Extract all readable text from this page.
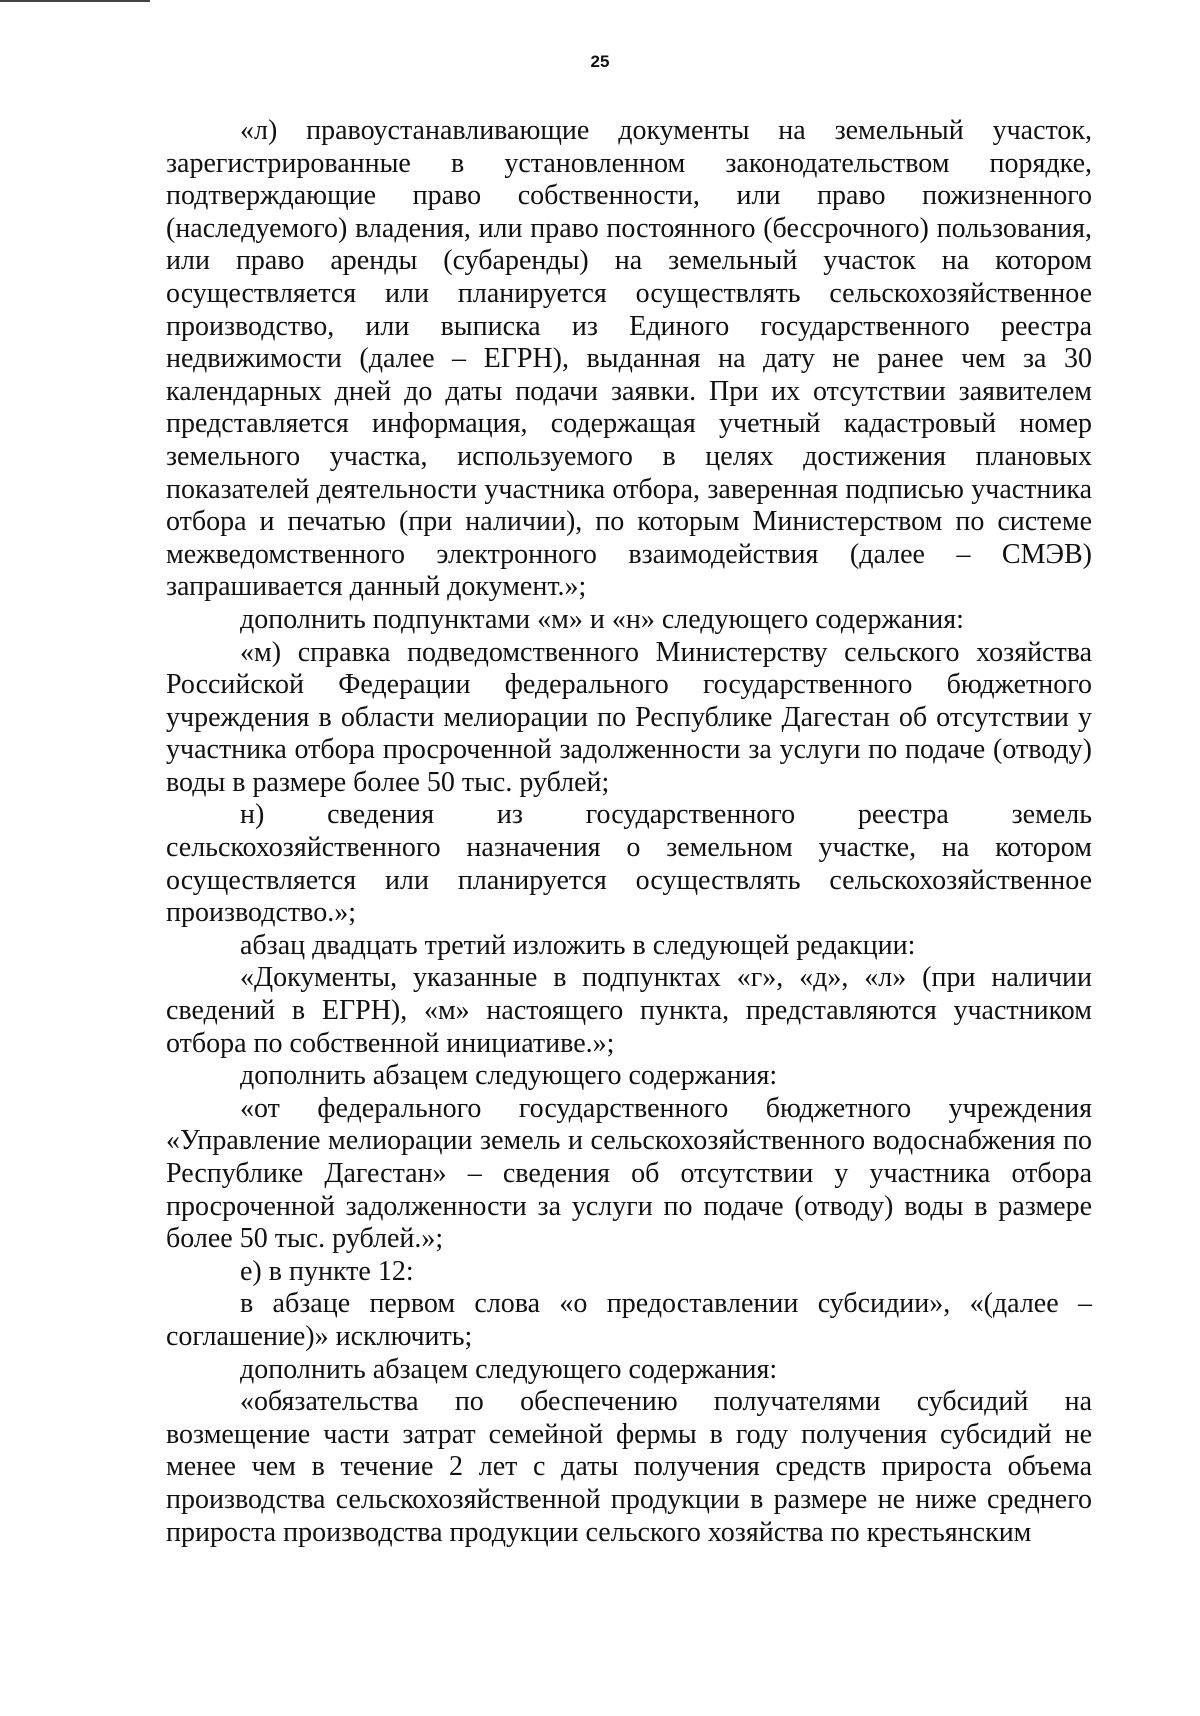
25

«л) правоустанавливающие документы на земельный участок, зарегистрированные в установленном законодательством порядке, подтверждающие право собственности, или право пожизненного (наследуемого) владения, или право постоянного (бессрочного) пользования, или право аренды (субаренды) на земельный участок на котором осуществляется или планируется осуществлять сельскохозяйственное производство, или выписка из Единого государственного реестра недвижимости (далее – ЕГРН), выданная на дату не ранее чем за 30 календарных дней до даты подачи заявки. При их отсутствии заявителем представляется информация, содержащая учетный кадастровый номер земельного участка, используемого в целях достижения плановых показателей деятельности участника отбора, заверенная подписью участника отбора и печатью (при наличии), по которым Министерством по системе межведомственного электронного взаимодействия (далее – СМЭВ) запрашивается данный документ.»;

дополнить подпунктами «м» и «н» следующего содержания:

«м) справка подведомственного Министерству сельского хозяйства Российской Федерации федерального государственного бюджетного учреждения в области мелиорации по Республике Дагестан об отсутствии у участника отбора просроченной задолженности за услуги по подаче (отводу) воды в размере более 50 тыс. рублей;

н) сведения из государственного реестра земель сельскохозяйственного назначения о земельном участке, на котором осуществляется или планируется осуществлять сельскохозяйственное производство.»;

абзац двадцать третий изложить в следующей редакции:

«Документы, указанные в подпунктах «г», «д», «л» (при наличии сведений в ЕГРН), «м» настоящего пункта, представляются участником отбора по собственной инициативе.»;

дополнить абзацем следующего содержания:

«от федерального государственного бюджетного учреждения «Управление мелиорации земель и сельскохозяйственного водоснабжения по Республике Дагестан» – сведения об отсутствии у участника отбора просроченной задолженности за услуги по подаче (отводу) воды в размере более 50 тыс. рублей.»;

е) в пункте 12:

в абзаце первом слова «о предоставлении субсидии», «(далее – соглашение)» исключить;

дополнить абзацем следующего содержания:

«обязательства по обеспечению получателями субсидий на возмещение части затрат семейной фермы в году получения субсидий не менее чем в течение 2 лет с даты получения средств прироста объема производства сельскохозяйственной продукции в размере не ниже среднего прироста производства продукции сельского хозяйства по крестьянским
